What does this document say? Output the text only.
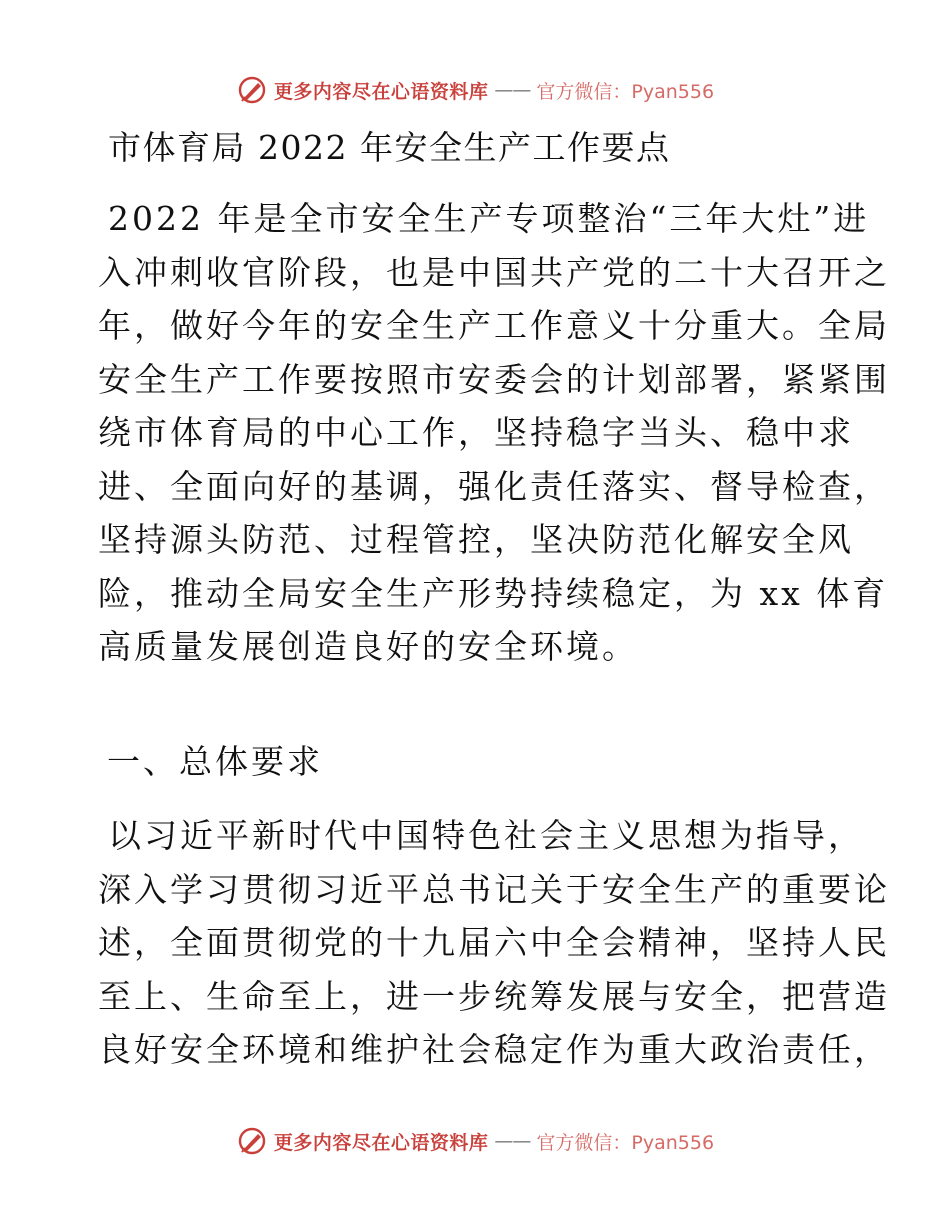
更多内容尽在心语资料库 —— 官方微信：Pyan556
市体育局 2022 年安全生产工作要点
2022 年是全市安全生产专项整治“三年大灶”进
入冲刺收官阶段，也是中国共产党的二十大召开之
年，做好今年的安全生产工作意义十分重大。全局
安全生产工作要按照市安委会的计划部署，紧紧围
绕市体育局的中心工作，坚持稳字当头、稳中求
进、全面向好的基调，强化责任落实、督导检查，
坚持源头防范、过程管控，坚决防范化解安全风
险，推动全局安全生产形势持续稳定，为 xx 体育
高质量发展创造良好的安全环境。
一、总体要求
以习近平新时代中国特色社会主义思想为指导，
深入学习贯彻习近平总书记关于安全生产的重要论
述，全面贯彻党的十九届六中全会精神，坚持人民
至上、生命至上，进一步统筹发展与安全，把营造
良好安全环境和维护社会稳定作为重大政治责任，
更多内容尽在心语资料库 —— 官方微信：Pyan556
